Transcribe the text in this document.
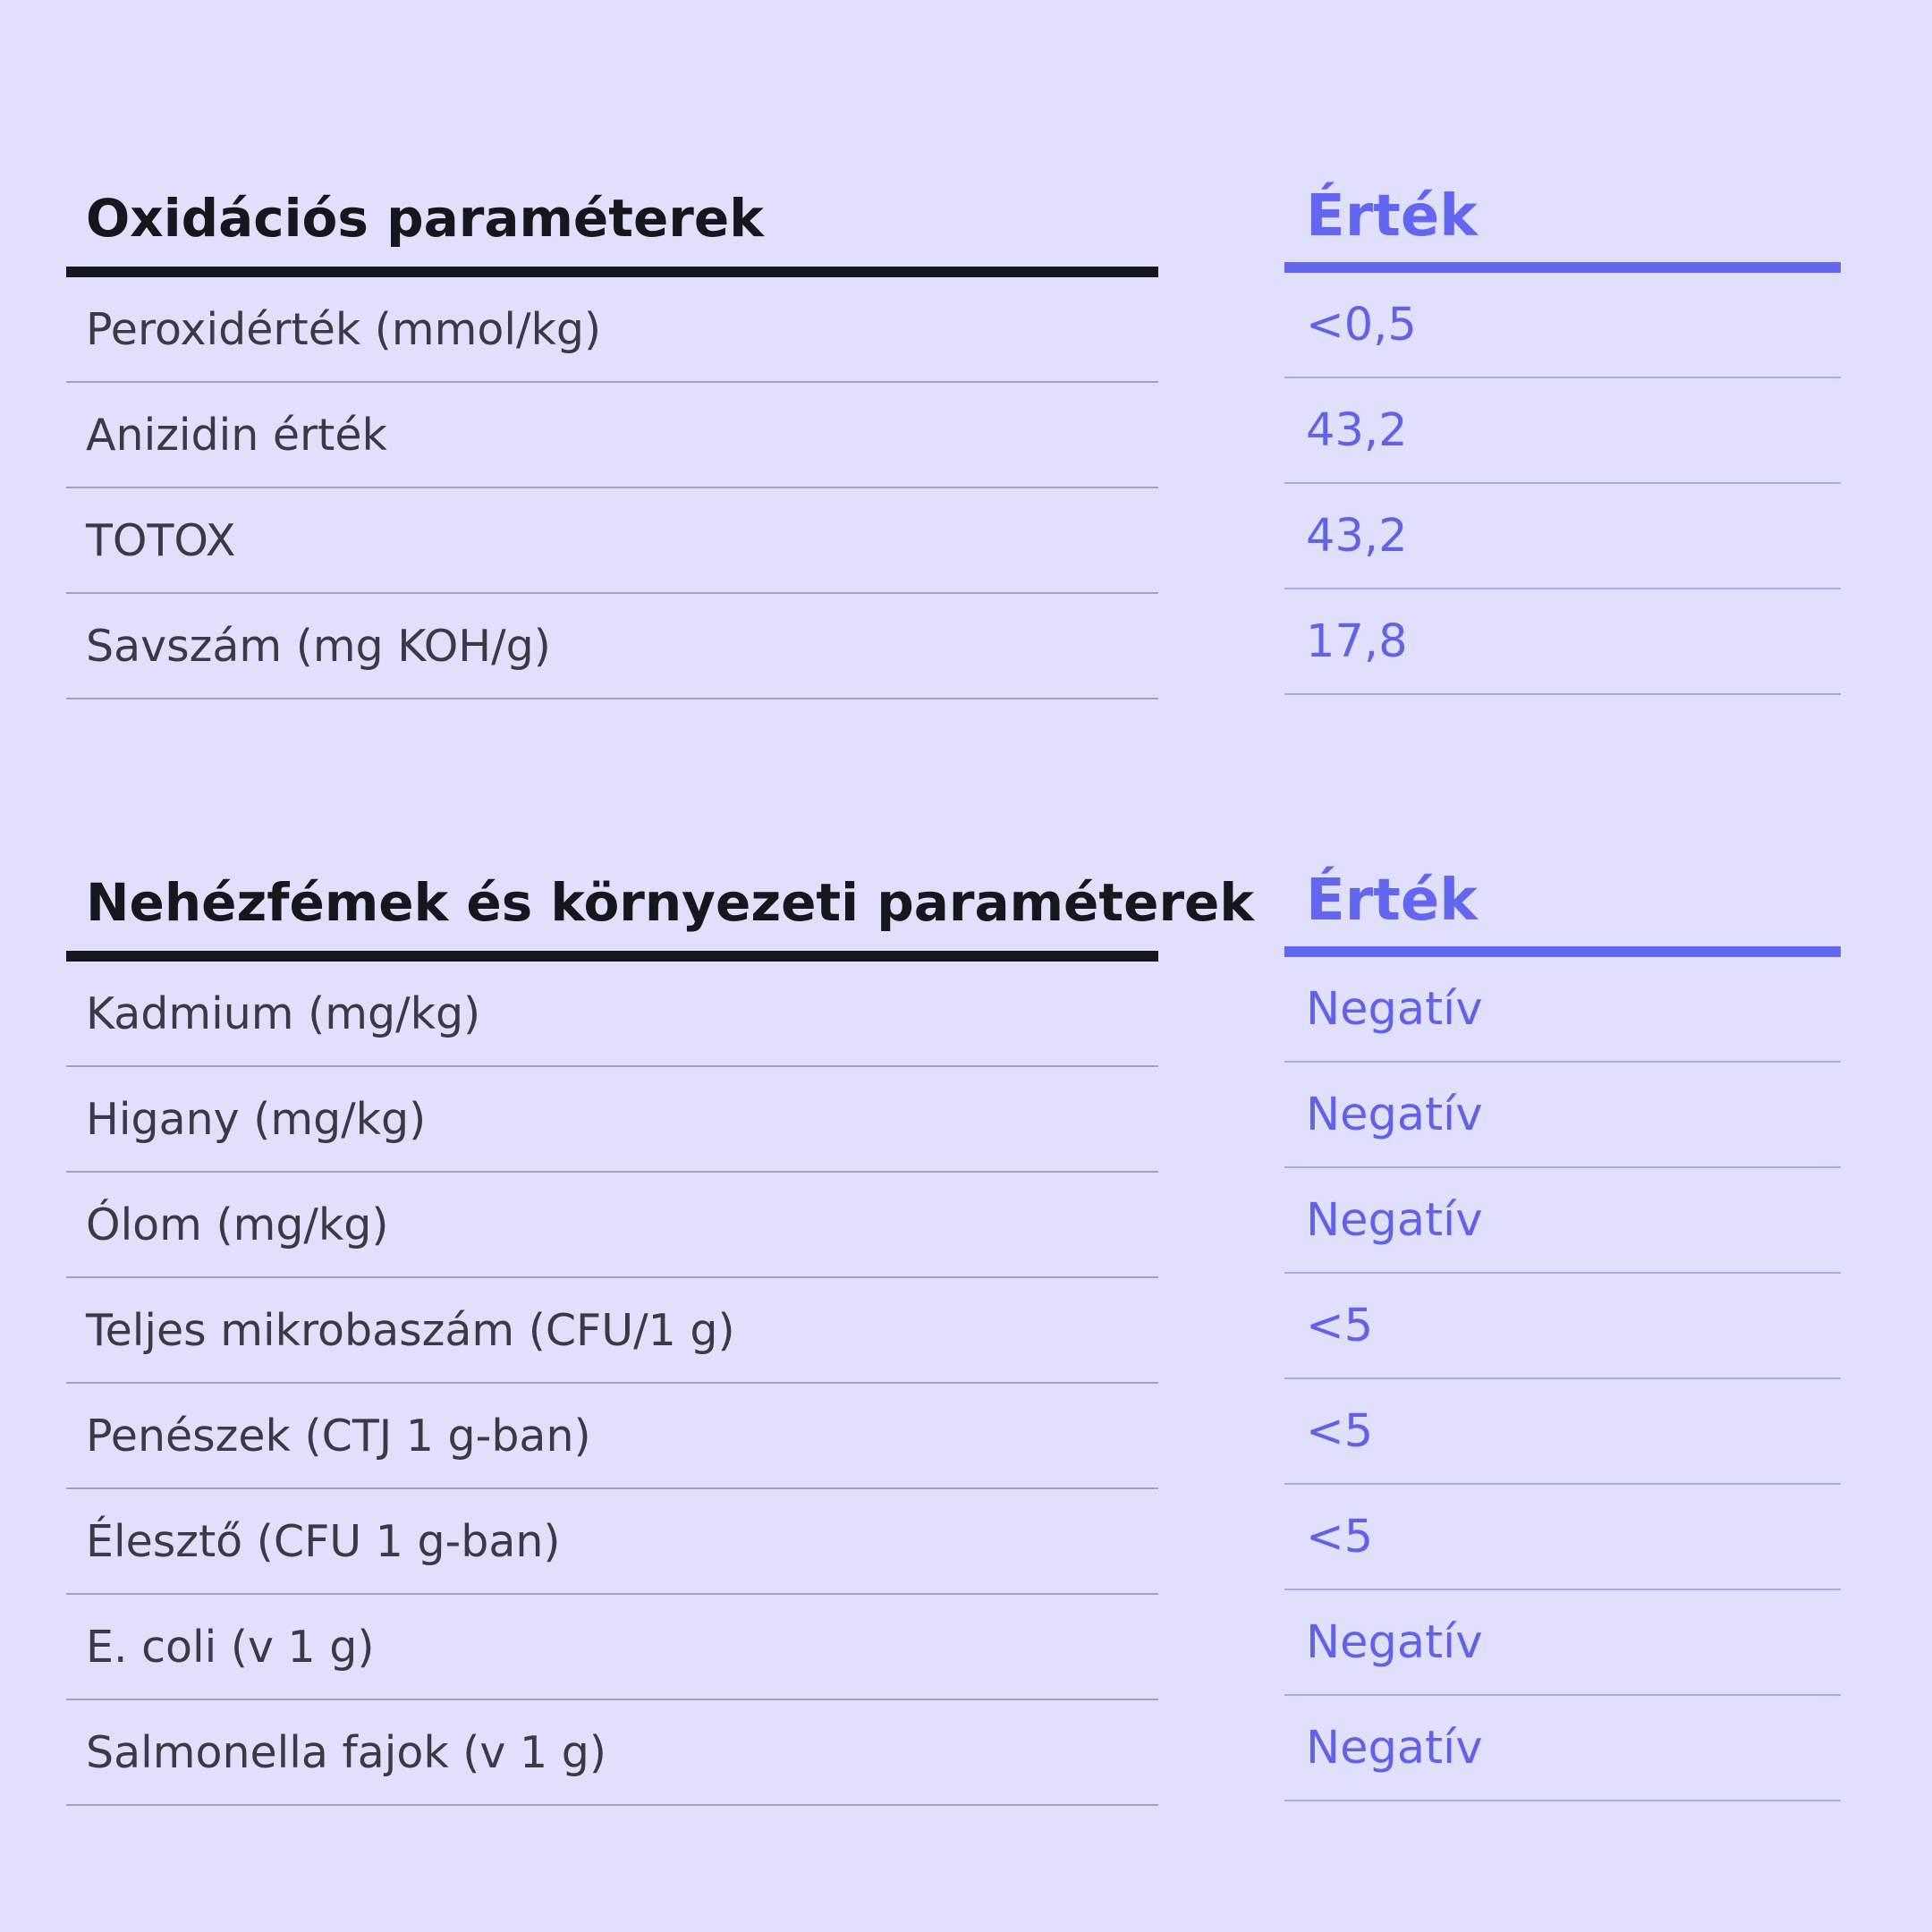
Oxidációs paraméterek
Peroxidérték (mmol/kg)
Anizidin érték
TOTOX
Savszám (mg KOH/g)
Érték
<0,5
43,2
43,2
17,8
Nehézfémek és környezeti paraméterek
Kadmium (mg/kg)
Higany (mg/kg)
Ólom (mg/kg)
Teljes mikrobaszám (CFU/1 g)
Penészek (CTJ 1 g-ban)
Élesztő (CFU 1 g-ban)
E. coli (v 1 g)
Salmonella fajok (v 1 g)
Érték
Negatív
Negatív
Negatív
<5
<5
<5
Negatív
Negatív
